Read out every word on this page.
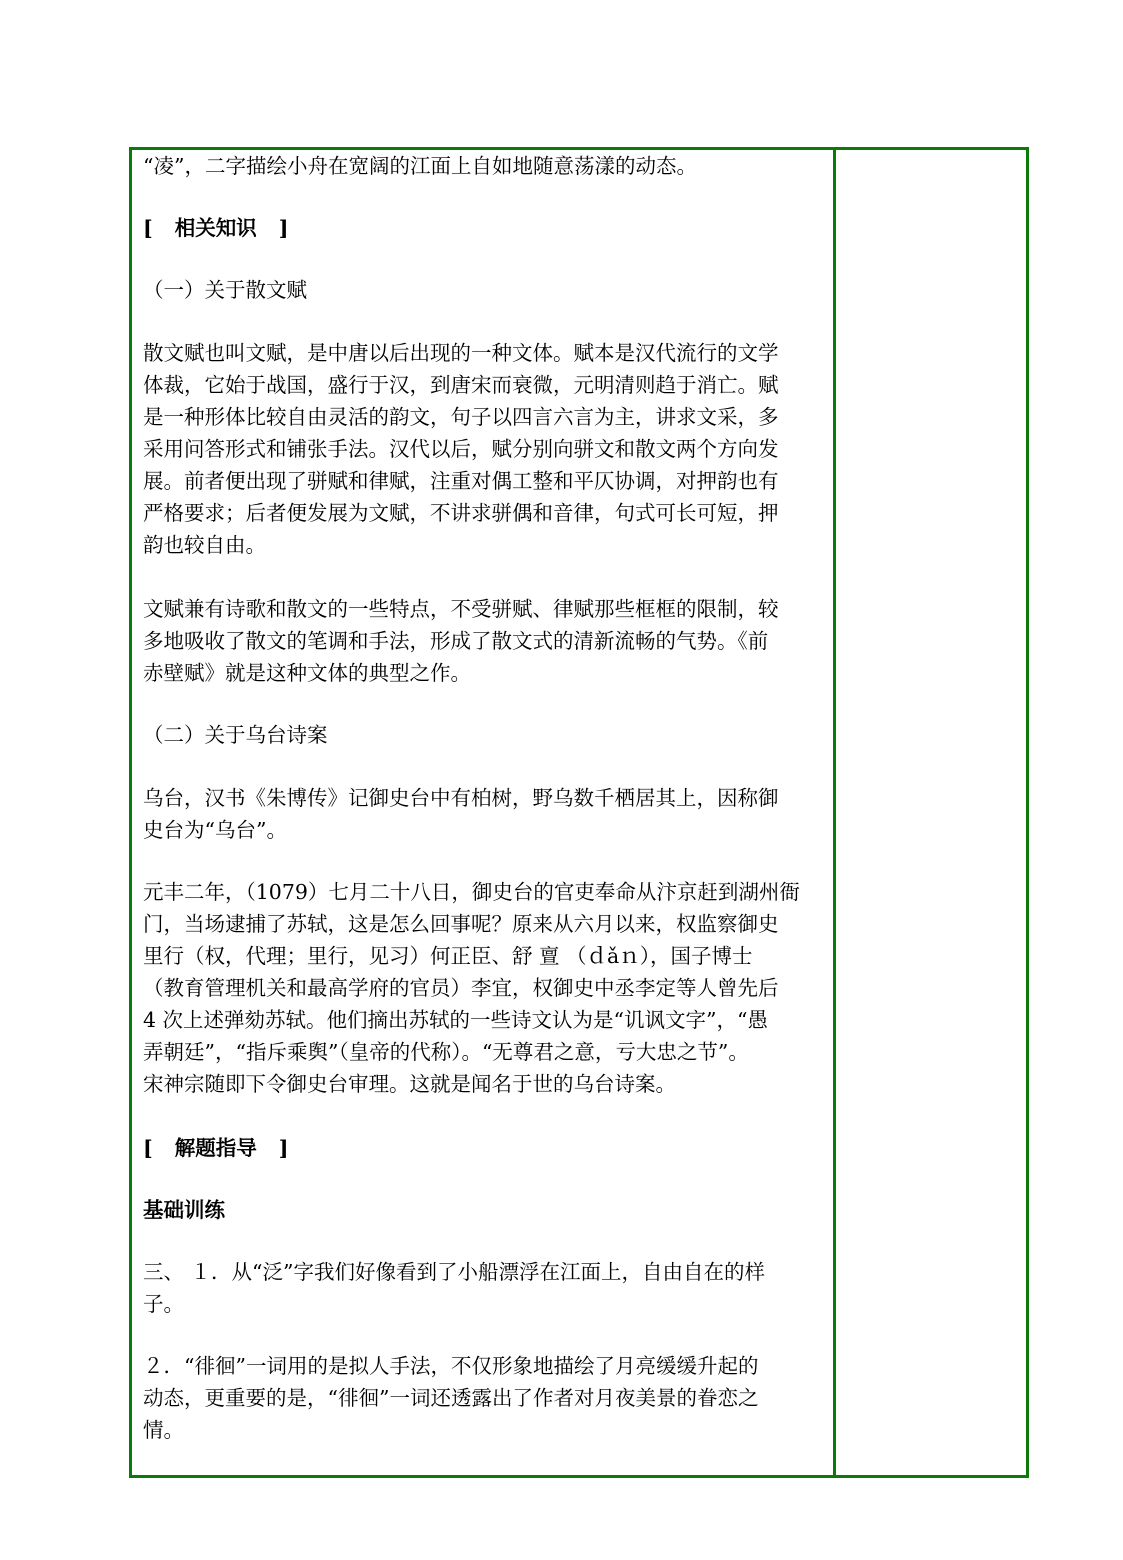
“凌”，二字描绘小舟在宽阔的江面上自如地随意荡漾的动态。
[ 相关知识 ]
（一）关于散文赋
散文赋也叫文赋，是中唐以后出现的一种文体。赋本是汉代流行的文学
体裁，它始于战国，盛行于汉，到唐宋而衰微，元明清则趋于消亡。赋
是一种形体比较自由灵活的韵文，句子以四言六言为主，讲求文采，多
采用问答形式和铺张手法。汉代以后，赋分别向骈文和散文两个方向发
展。前者便出现了骈赋和律赋，注重对偶工整和平仄协调，对押韵也有
严格要求；后者便发展为文赋，不讲求骈偶和音律，句式可长可短，押
韵也较自由。
文赋兼有诗歌和散文的一些特点，不受骈赋、律赋那些框框的限制，较
多地吸收了散文的笔调和手法，形成了散文式的清新流畅的气势。《前
赤壁赋》就是这种文体的典型之作。
（二）关于乌台诗案
乌台，汉书《朱博传》记御史台中有柏树，野乌数千栖居其上，因称御
史台为“乌台”。
元丰二年，（1079）七月二十八日，御史台的官吏奉命从汴京赶到湖州衙
门，当场逮捕了苏轼，这是怎么回事呢？原来从六月以来，权监察御史
里行（权，代理；里行，见习）何正臣、舒 亶 （ｄǎｎ），国子博士
（教育管理机关和最高学府的官员）李宜，权御史中丞李定等人曾先后
4 次上述弹劾苏轼。他们摘出苏轼的一些诗文认为是“讥讽文字”，“愚
弄朝廷”，“指斥乘舆”（皇帝的代称）。“无尊君之意，亏大忠之节”。
宋神宗随即下令御史台审理。这就是闻名于世的乌台诗案。
[ 解题指导 ]
基础训练
三、 １．从“泛”字我们好像看到了小船漂浮在江面上，自由自在的样
子。
２．“徘徊”一词用的是拟人手法，不仅形象地描绘了月亮缓缓升起的
动态，更重要的是，“徘徊”一词还透露出了作者对月夜美景的眷恋之
情。
